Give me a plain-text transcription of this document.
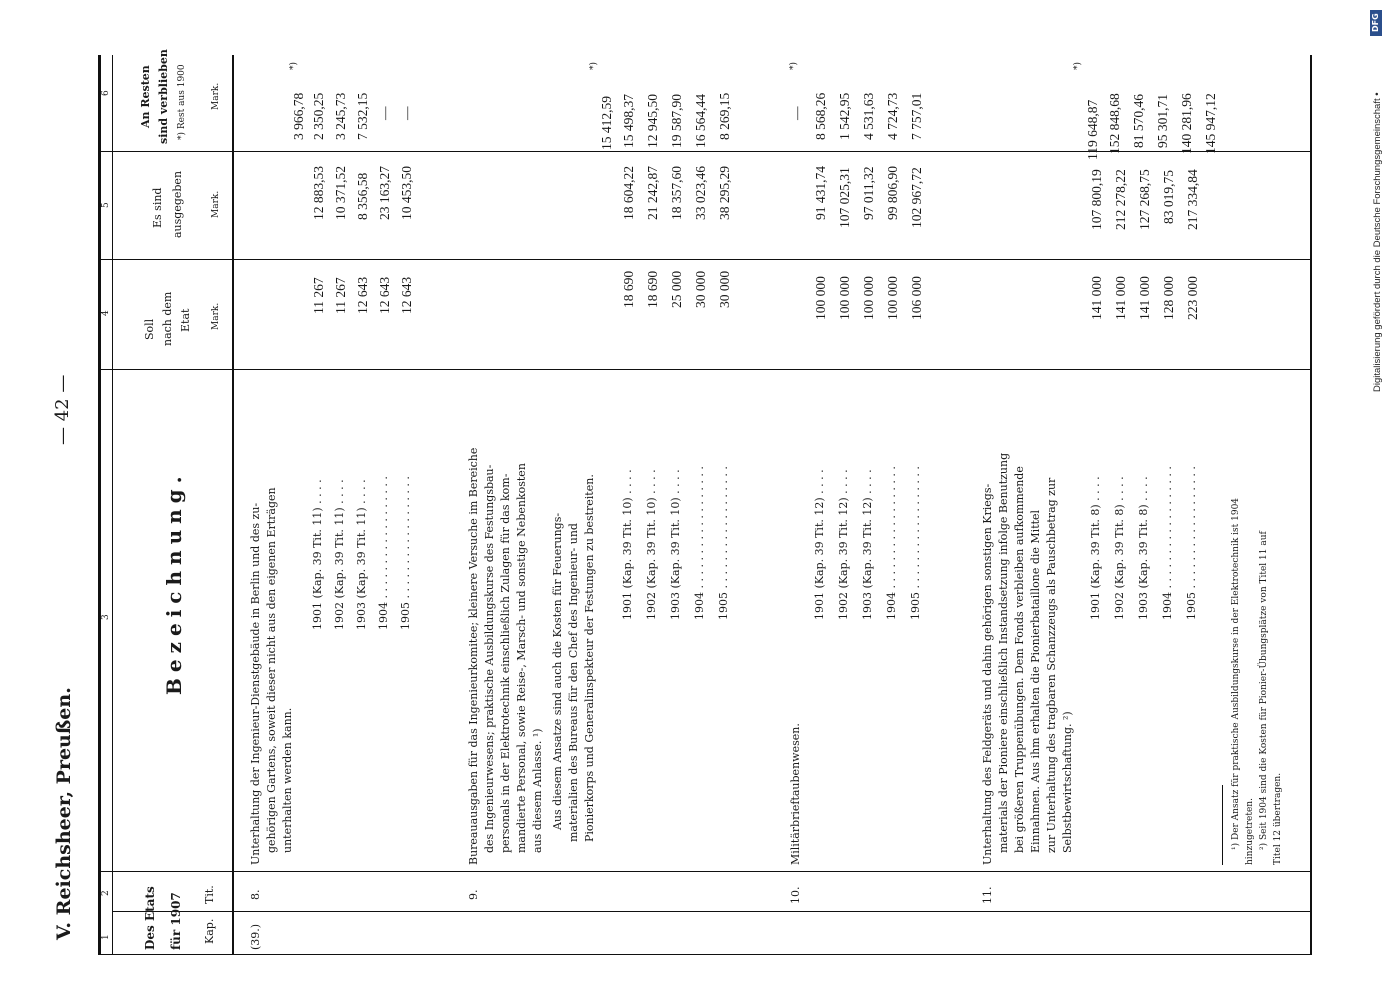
V. Reichsheer, Preußen.
— 42 —
1
2
3
4
5
6
Des Etats für 1907 Kap.
Tit.
Bezeichnung.
Soll nach dem Etat Mark.
Es sind ausgegeben	Mark.
An Resten sind verblieben *) Rest aus 1900	Mark.
(39.)
8.
Unterhaltung der Ingenieur-Dienstgebäude in Berlin und des zu- gehörigen Gartens, soweit dieser nicht aus den eigenen Erträgen unterhalten werden kann.
*)
3 966,78
1901 (Kap. 39 Tit. 11) . . . .
11 267
12 883,53
2 350,25
1902 (Kap. 39 Tit. 11) . . . .
11 267
10 371,52
3 245,73
1903 (Kap. 39 Tit. 11) . . . .
12 643
8 356,58
7 532,15
1904 . . . . . . . . . . . . . . . . . .
12 643
23 163,27
—
1905 . . . . . . . . . . . . . . . . . .
12 643
10 453,50
—
9.
Bureauausgaben für das Ingenieurkomitee; kleinere Versuche im Bereiche des Ingenieurwesens; praktische Ausbildungskurse des Festungsbau- personals in der Elektrotechnik einschließlich Zulagen für das kom- mandierte Personal, sowie Reise-, Marsch- und sonstige Nebenkosten aus diesem Anlasse. ¹) Aus diesem Ansatze sind auch die Kosten für Feuerungs- materialien des Bureaus für den Chef des Ingenieur- und Pionierkorps und Generalinspekteur der Festungen zu bestreiten.
*)
15 412,59
1901 (Kap. 39 Tit. 10) . . . .
18 690
18 604,22
15 498,37
1902 (Kap. 39 Tit. 10) . . . .
18 690
21 242,87
12 945,50
1903 (Kap. 39 Tit. 10) . . . .
25 000
18 357,60
19 587,90
1904 . . . . . . . . . . . . . . . . . .
30 000
33 023,46
16 564,44
1905 . . . . . . . . . . . . . . . . . .
30 000
38 295,29
8 269,15
10.
Militärbrieftaubenwesen.
*)
—
1901 (Kap. 39 Tit. 12) . . . .
100 000
91 431,74
8 568,26
1902 (Kap. 39 Tit. 12) . . . .
100 000
107 025,31
1 542,95
1903 (Kap. 39 Tit. 12) . . . .
100 000
97 011,32
4 531,63
1904 . . . . . . . . . . . . . . . . . .
100 000
99 806,90
4 724,73
1905 . . . . . . . . . . . . . . . . . .
106 000
102 967,72
7 757,01
11.
Unterhaltung des Feldgeräts und dahin gehörigen sonstigen Kriegs- materials der Pioniere einschließlich Instandsetzung infolge Benutzung bei größeren Truppenübungen. Dem Fonds verbleiben aufkommende Einnahmen. Aus ihm erhalten die Pionierbataillone die Mittel zur Unterhaltung des tragbaren Schanzzeugs als Pauschbetrag zur Selbstbewirtschaftung. ²)
*)
119 648,87
1901 (Kap. 39 Tit. 8) . . . .
141 000
107 800,19
152 848,68
1902 (Kap. 39 Tit. 8) . . . .
141 000
212 278,22
81 570,46
1903 (Kap. 39 Tit. 8) . . . .
141 000
127 268,75
95 301,71
1904 . . . . . . . . . . . . . . . . . .
128 000
83 019,75
140 281,96
1905 . . . . . . . . . . . . . . . . . .
223 000
217 334,84
145 947,12
¹) Der Ansatz für praktische Ausbildungskurse in der Elektrotechnik ist 1904 hinzugetreten. ²) Seit 1904 sind die Kosten für Pionier-Übungsplätze von Titel 11 auf Titel 12 übertragen.
Digitalisierung gefördert durch die Deutsche Forschungsgemeinschaft •
DFG
